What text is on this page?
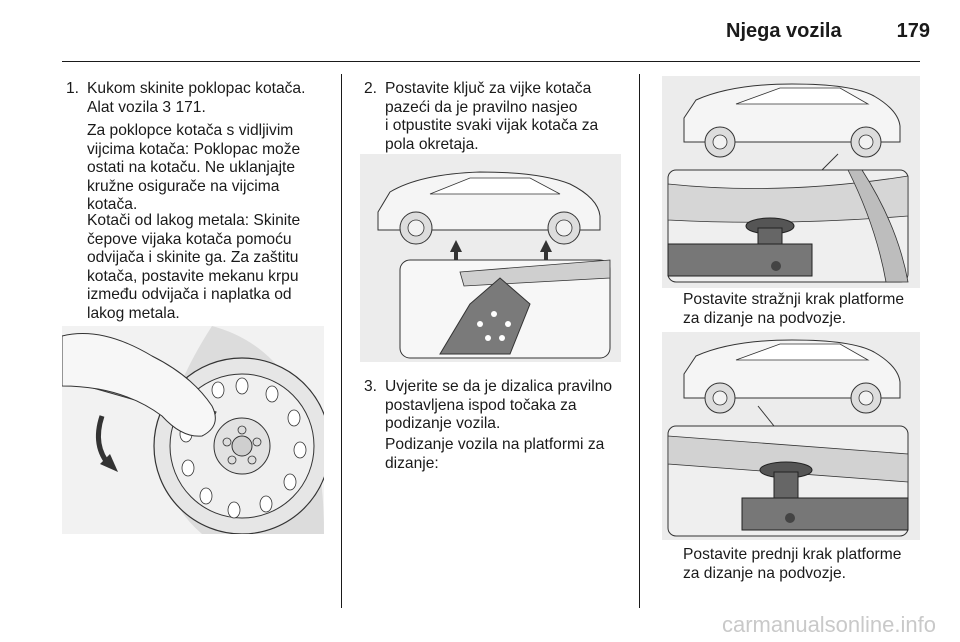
Njega vozila	179
1. Kukom skinite poklopac kotača.
Alat vozila 3 171.
Za poklopce kotača s vidljivim
vijcima kotača: Poklopac može
ostati na kotaču. Ne uklanjajte
kružne osigurače na vijcima
kotača.
Kotači od lakog metala: Skinite
čepove vijaka kotača pomoću
odvijača i skinite ga. Za zaštitu
kotača, postavite mekanu krpu
između odvijača i naplatka od
lakog metala.
2. Postavite ključ za vijke kotača
pazeći da je pravilno nasjeo
i otpustite svaki vijak kotača za
pola okretaja.
3. Uvjerite se da je dizalica pravilno
postavljena ispod točaka za
podizanje vozila.
Podizanje vozila na platformi za
dizanje:
Postavite stražnji krak platforme
za dizanje na podvozje.
Postavite prednji krak platforme
za dizanje na podvozje.
carmanualsonline.info
